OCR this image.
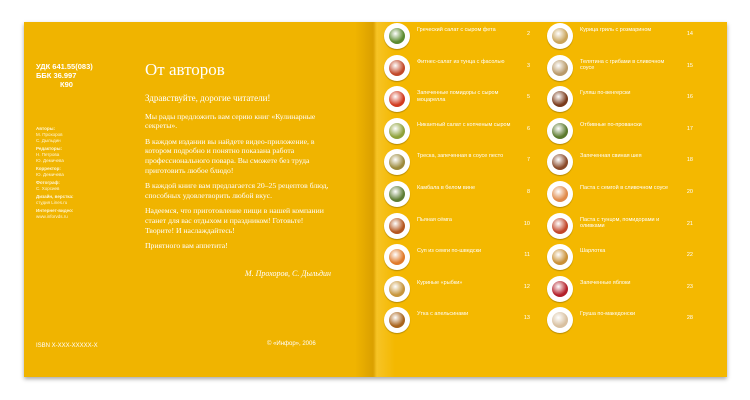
УДК 641.55(083)
ББК 36.997
К90
Авторы:
М. Прохоров
С. Дыльдин
Редакторы:
Н. Петрова
Ю. Демичева
Корректор:
Ю. Демичева
Фотограф:
С. Хорсиев
Дизайн, верстка:
студия Lines.ru
Интернет-видео:
www.inforvds.ru
ISBN X-XXX-XXXXX-X
От авторов

Здравствуйте, дорогие читатели!

Мы рады предложить вам серию книг «Кулинарные секреты».

В каждом издании вы найдете видео-приложение, в котором подробно и понятно показана работа профессионального повара. Вы сможете без труда приготовить любое блюдо!

В каждой книге вам предлагается 20–25 рецептов блюд, способных удовлетворить любой вкус.

Надеемся, что приготовление пищи в нашей компании станет для вас отдыхом и праздником! Готовьте! Творите! И наслаждайтесь!

Приятного вам аппетита!

М. Прохоров, С. Дыльдин
© «Инфор», 2006
Греческий салат с сыром фета
2
Фитнес-салат из тунца с фасолью
3
Запеченные помидоры с сыром моцарелла	5
Никантный салат с копченым сыром
6
Треска, запеченная в соусе песто
7
Камбала в белом вине
8
Пьяная сёмга
10
Суп из семги по-шведски
11
Куриные «рыбки»
12
Утка с апельсинами
13
Курица гриль с розмарином
14
Телятина с грибами в сливочном соусе	15
Гуляш по-венгерски
16
Отбивные по-провански
17
Запеченная свиная шея
18
Паста с семгой в сливочном соусе
20
Паста с тунцом, помидорами и оливками	21
Шарлотка
22
Запеченные яблоки
23
Груша по-македонски
28
